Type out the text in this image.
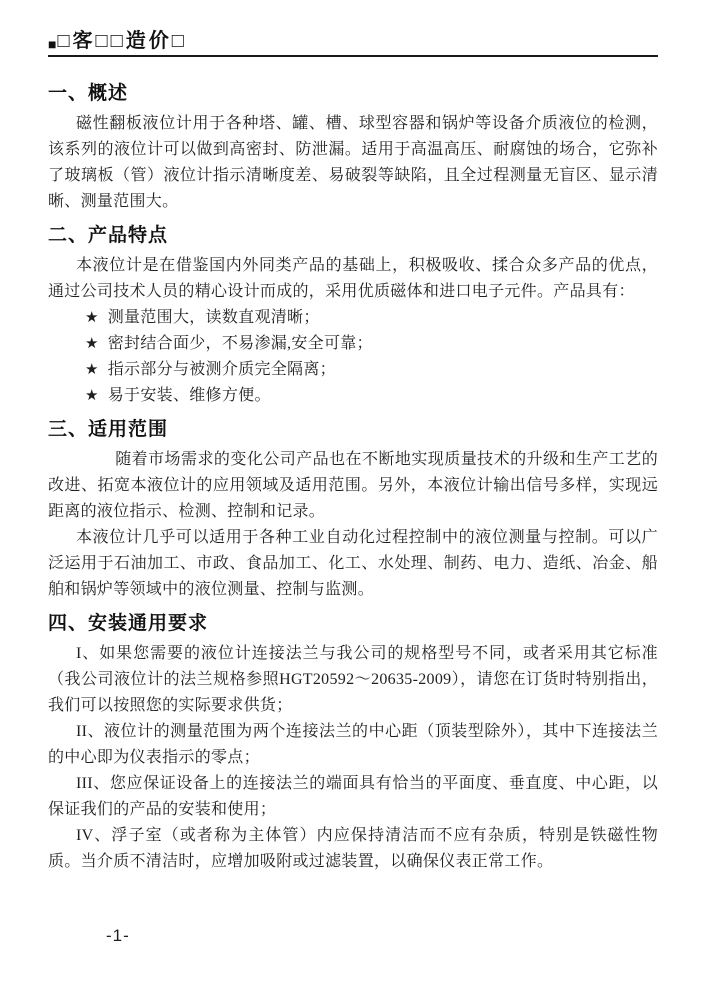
■ □客□□造价□
一、概述

磁性翻板液位计用于各种塔、罐、槽、球型容器和锅炉等设备介质液位的检测，该系列的液位计可以做到高密封、防泄漏。适用于高温高压、耐腐蚀的场合，它弥补了玻璃板（管）液位计指示清晰度差、易破裂等缺陷，且全过程测量无盲区、显示清晰、测量范围大。

二、产品特点

本液位计是在借鉴国内外同类产品的基础上，积极吸收、揉合众多产品的优点，通过公司技术人员的精心设计而成的，采用优质磁体和进口电子元件。产品具有：

★ 测量范围大，读数直观清晰；
★ 密封结合面少，不易渗漏,安全可靠；
★ 指示部分与被测介质完全隔离；
★ 易于安装、维修方便。
三、适用范围

随着市场需求的变化公司产品也在不断地实现质量技术的升级和生产工艺的改进、拓宽本液位计的应用领域及适用范围。另外，本液位计输出信号多样，实现远距离的液位指示、检测、控制和记录。

本液位计几乎可以适用于各种工业自动化过程控制中的液位测量与控制。可以广泛运用于石油加工、市政、食品加工、化工、水处理、制药、电力、造纸、冶金、船舶和锅炉等领域中的液位测量、控制与监测。

四、安装通用要求

I、如果您需要的液位计连接法兰与我公司的规格型号不同，或者采用其它标准（我公司液位计的法兰规格参照HGT20592～20635-2009），请您在订货时特别指出，我们可以按照您的实际要求供货；

II、液位计的测量范围为两个连接法兰的中心距（顶装型除外），其中下连接法兰的中心即为仪表指示的零点；

III、您应保证设备上的连接法兰的端面具有恰当的平面度、垂直度、中心距，以保证我们的产品的安装和使用；

IV、浮子室（或者称为主体管）内应保持清洁而不应有杂质，特别是铁磁性物质。当介质不清洁时，应增加吸附或过滤装置，以确保仪表正常工作。

-1-
